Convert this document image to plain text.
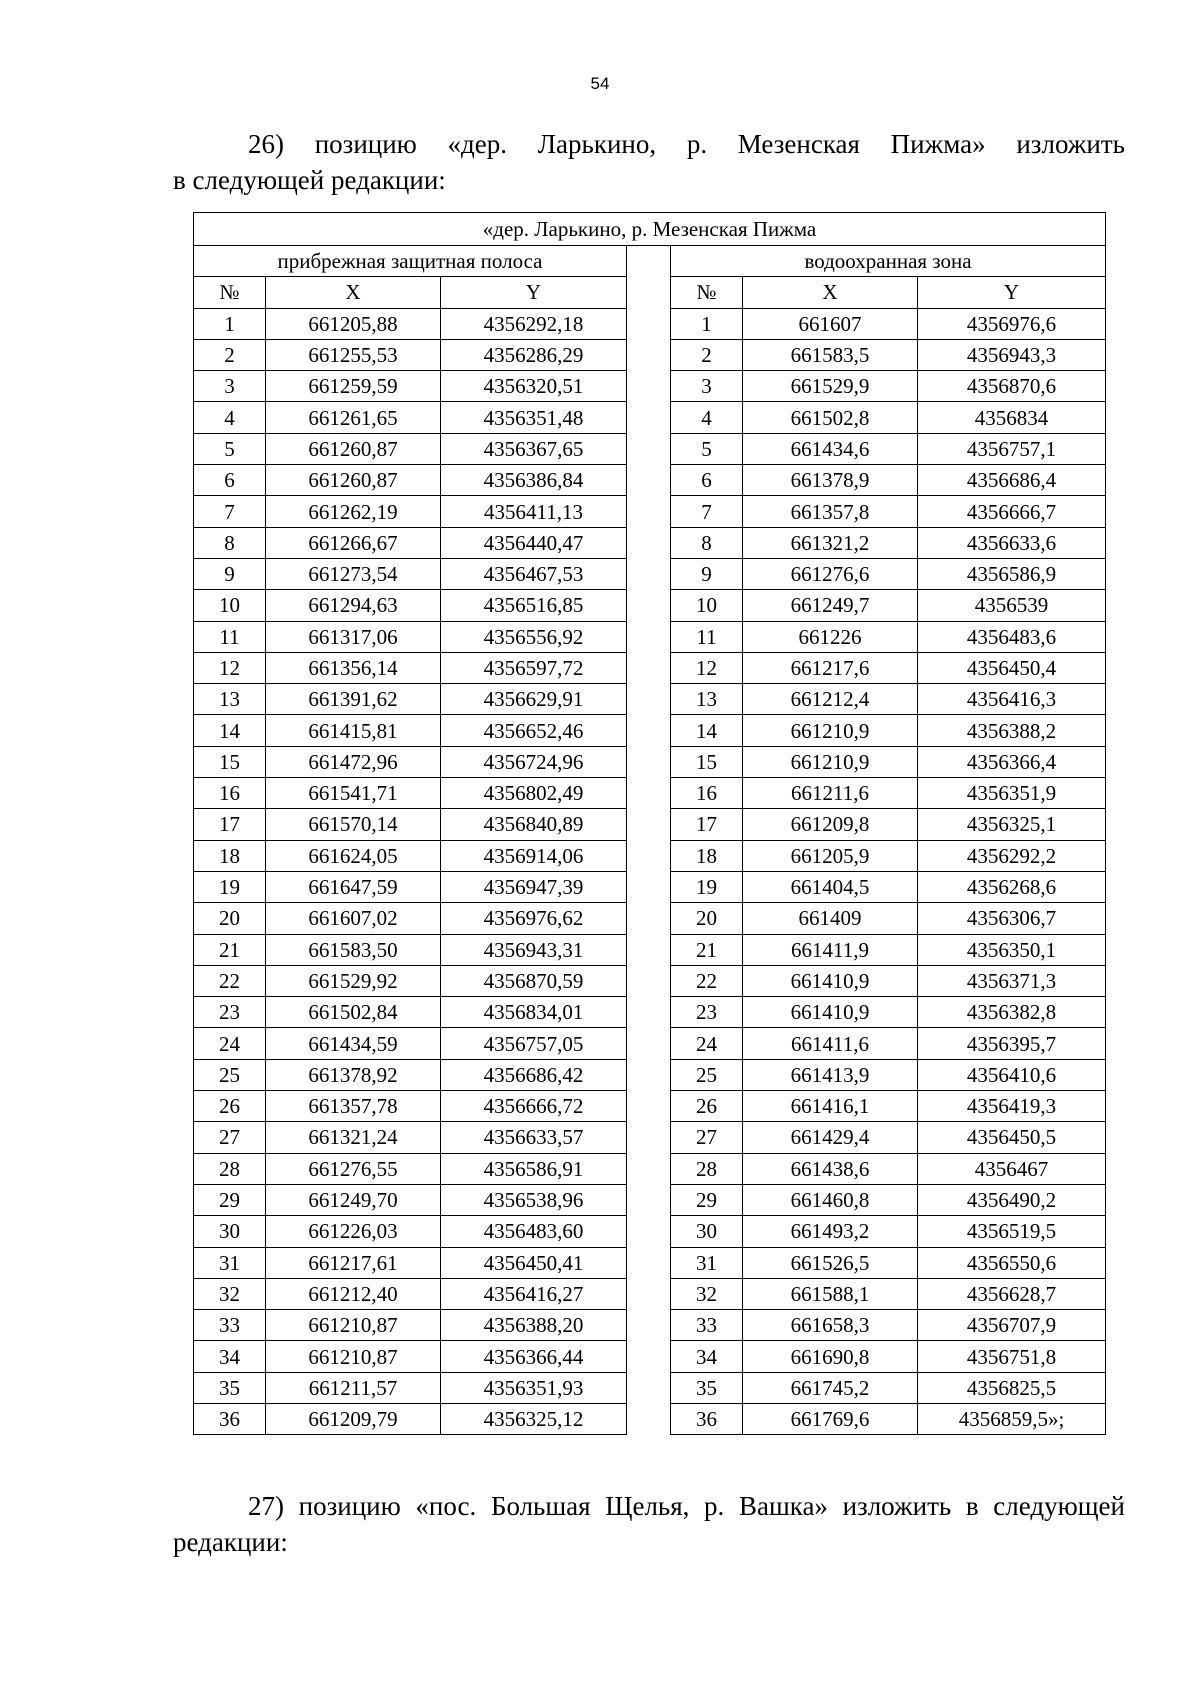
54
26) позицию «дер. Ларькино, р. Мезенская Пижма» изложить
в следующей редакции:
«дер. Ларькино, р. Мезенская Пижма						
прибрежная защитная полоса				водоохранная зона		
№	X	Y		№	X	Y
1	661205,88	4356292,18		1	661607	4356976,6
2	661255,53	4356286,29		2	661583,5	4356943,3
3	661259,59	4356320,51		3	661529,9	4356870,6
4	661261,65	4356351,48		4	661502,8	4356834
5	661260,87	4356367,65		5	661434,6	4356757,1
6	661260,87	4356386,84		6	661378,9	4356686,4
7	661262,19	4356411,13		7	661357,8	4356666,7
8	661266,67	4356440,47		8	661321,2	4356633,6
9	661273,54	4356467,53		9	661276,6	4356586,9
10	661294,63	4356516,85		10	661249,7	4356539
11	661317,06	4356556,92		11	661226	4356483,6
12	661356,14	4356597,72		12	661217,6	4356450,4
13	661391,62	4356629,91		13	661212,4	4356416,3
14	661415,81	4356652,46		14	661210,9	4356388,2
15	661472,96	4356724,96		15	661210,9	4356366,4
16	661541,71	4356802,49		16	661211,6	4356351,9
17	661570,14	4356840,89		17	661209,8	4356325,1
18	661624,05	4356914,06		18	661205,9	4356292,2
19	661647,59	4356947,39		19	661404,5	4356268,6
20	661607,02	4356976,62		20	661409	4356306,7
21	661583,50	4356943,31		21	661411,9	4356350,1
22	661529,92	4356870,59		22	661410,9	4356371,3
23	661502,84	4356834,01		23	661410,9	4356382,8
24	661434,59	4356757,05		24	661411,6	4356395,7
25	661378,92	4356686,42		25	661413,9	4356410,6
26	661357,78	4356666,72		26	661416,1	4356419,3
27	661321,24	4356633,57		27	661429,4	4356450,5
28	661276,55	4356586,91		28	661438,6	4356467
29	661249,70	4356538,96		29	661460,8	4356490,2
30	661226,03	4356483,60		30	661493,2	4356519,5
31	661217,61	4356450,41		31	661526,5	4356550,6
32	661212,40	4356416,27		32	661588,1	4356628,7
33	661210,87	4356388,20		33	661658,3	4356707,9
34	661210,87	4356366,44		34	661690,8	4356751,8
35	661211,57	4356351,93		35	661745,2	4356825,5
36	661209,79	4356325,12		36	661769,6	4356859,5»;
27) позицию «пос. Большая Щелья, р. Вашка» изложить в следующей
редакции:
